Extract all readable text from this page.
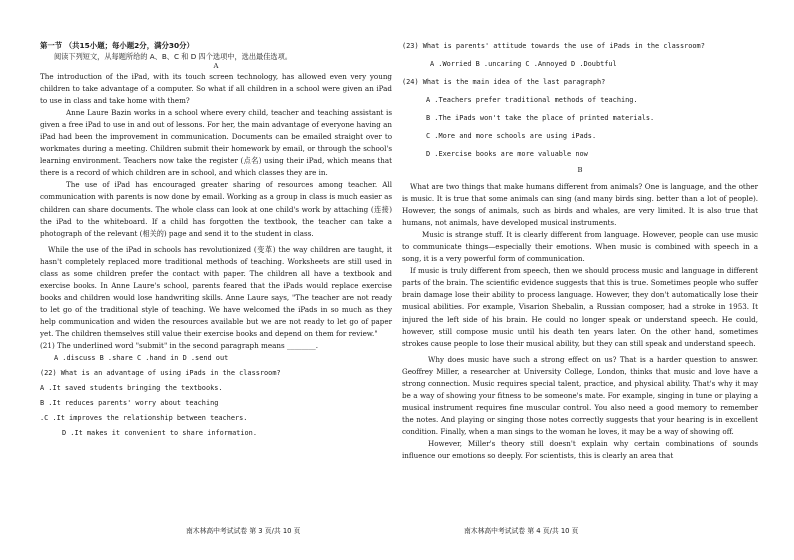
第一节 （共15小题；每小题2分，满分30分）
阅读下列短文，从每题所给的 A、B、C 和 D 四个选项中，选出最佳选项。
A

The introduction of the iPad, with its touch screen technology, has allowed even very young children to take advantage of a computer. So what if all children in a school were given an iPad to use in class and take home with them?

Anne Laure Bazin works in a school where every child, teacher and teaching assistant is given a free iPad to use in and out of lessons. For her, the main advantage of everyone having an iPad had been the improvement in communication. Documents can be emailed straight over to workmates during a meeting. Children submit their homework by email, or through the school's learning environment. Teachers now take the register (点名) using their iPad, which means that there is a record of which children are in school, and which classes they are in.

The use of iPad has encouraged greater sharing of resources among teacher. All communication with parents is now done by email. Working as a group in class is much easier as children can share documents. The whole class can look at one child's work by attaching (连接) the iPad to the whiteboard. If a child has forgotten the textbook, the teacher can take a photograph of the relevant (相关的) page and send it to the student in class.

While the use of the iPad in schools has revolutionized (变革) the way children are taught, it hasn't completely replaced more traditional methods of teaching. Worksheets are still used in class as some children prefer the contact with paper. The children all have a textbook and exercise books. In Anne Laure's school, parents feared that the iPads would replace exercise books and children would lose handwriting skills. Anne Laure says, "The teacher are not ready to let go of the traditional style of teaching. We have welcomed the iPads in so much as they help communication and widen the resources available but we are not ready to let go of paper yet. The children themselves still value their exercise books and depend on them for review."

(21) The underlined word "submit" in the second paragraph means ________.
A .discuss B .share C .hand in D .send out
(22) What is an advantage of using iPads in the classroom?
A .It saved students bringing the textbooks.
B .It reduces parents' worry about teaching
.C .It improves the relationship between teachers.
D .It makes it convenient to share information.
(23) What is parents' attitude towards the use of iPads in the classroom?
A .Worried B .uncaring C .Annoyed D .Doubtful
(24) What is the main idea of the last paragraph?
A .Teachers prefer traditional methods of teaching.
B .The iPads won't take the place of printed materials.
C .More and more schools are using iPads.
D .Exercise books are more valuable now
B

What are two things that make humans different from animals? One is language, and the other is music. It is true that some animals can sing (and many birds sing. better than a lot of people). However, the songs of animals, such as birds and whales, are very limited. It is also true that humans, not animals, have developed musical instruments.

Music is strange stuff. It is clearly different from language. However, people can use music to communicate things—especially their emotions. When music is combined with speech in a song, it is a very powerful form of communication.

If music is truly different from speech, then we should process music and language in different parts of the brain. The scientific evidence suggests that this is true. Sometimes people who suffer brain damage lose their ability to process language. However, they don't automatically lose their musical abilities. For example, Visarion Shebalin, a Russian composer, had a stroke in 1953. It injured the left side of his brain. He could no longer speak or understand speech. He could, however, still compose music until his death ten years later. On the other hand, sometimes strokes cause people to lose their musical ability, but they can still speak and understand speech.

Why does music have such a strong effect on us? That is a harder question to answer. Geoffrey Miller, a researcher at University College, London, thinks that music and love have a strong connection. Music requires special talent, practice, and physical ability. That's why it may be a way of showing your fitness to be someone's mate. For example, singing in tune or playing a musical instrument requires fine muscular control. You also need a good memory to remember the notes. And playing or singing those notes correctly suggests that your hearing is in excellent condition. Finally, when a man sings to the woman he loves, it may be a way of showing off.

However, Miller's theory still doesn't explain why certain combinations of sounds influence our emotions so deeply. For scientists, this is clearly an area that

南木林高中考试试卷 第 3 页/共 10 页	南木林高中考试试卷 第 4 页/共 10 页
